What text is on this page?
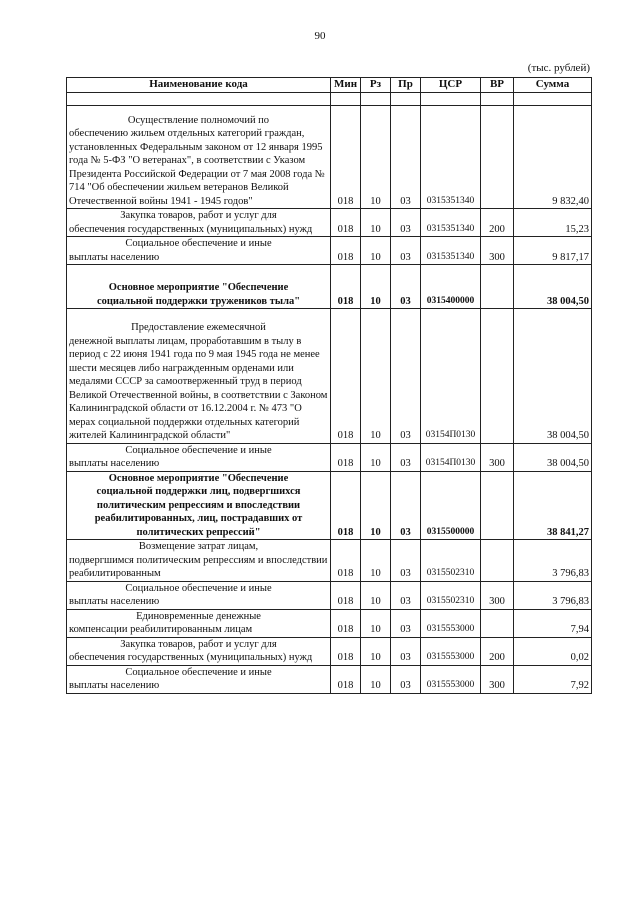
90
(тыс. рублей)
Наименование кода	Мин	Рз	Пр	ЦСР	ВР	Сумма

Осуществление полномочий по
обеспечению жильем отдельных категорий граждан, установленных Федеральным законом от 12 января 1995 года № 5-ФЗ "О ветеранах", в соответствии с Указом Президента Российской Федерации от 7 мая 2008 года № 714 "Об обеспечении жильем ветеранов Великой Отечественной войны 1941 - 1945 годов"	018	10	03	0315351340		9 832,40

Закупка товаров, работ и услуг для
обеспечения государственных (муниципальных) нужд	018	10	03	0315351340	200	15,23

Социальное обеспечение и иные
выплаты населению	018	10	03	0315351340	300	9 817,17

Основное мероприятие "Обеспечение
социальной поддержки тружеников тыла"	018	10	03	0315400000		38 004,50

Предоставление ежемесячной
денежной выплаты лицам, проработавшим в тылу в период с 22 июня 1941 года по 9 мая 1945 года не менее шести месяцев либо награжденным орденами или медалями СССР за самоотверженный труд в период Великой Отечественной войны, в соответствии с Законом Калининградской области от 16.12.2004 г. № 473 "О мерах социальной поддержки отдельных категорий жителей Калининградской области"	018	10	03	03154П0130		38 004,50

Социальное обеспечение и иные
выплаты населению	018	10	03	03154П0130	300	38 004,50

Основное мероприятие "Обеспечение
социальной поддержки лиц, подвергшихся политическим репрессиям и впоследствии реабилитированных, лиц, пострадавших от политических репрессий"	018	10	03	0315500000		38 841,27

Возмещение затрат лицам,
подвергшимся политическим репрессиям и впоследствии реабилитированным	018	10	03	0315502310		3 796,83

Социальное обеспечение и иные
выплаты населению	018	10	03	0315502310	300	3 796,83

Единовременные денежные
компенсации реабилитированным лицам	018	10	03	0315553000		7,94

Закупка товаров, работ и услуг для
обеспечения государственных (муниципальных) нужд	018	10	03	0315553000	200	0,02

Социальное обеспечение и иные
выплаты населению	018	10	03	0315553000	300	7,92
